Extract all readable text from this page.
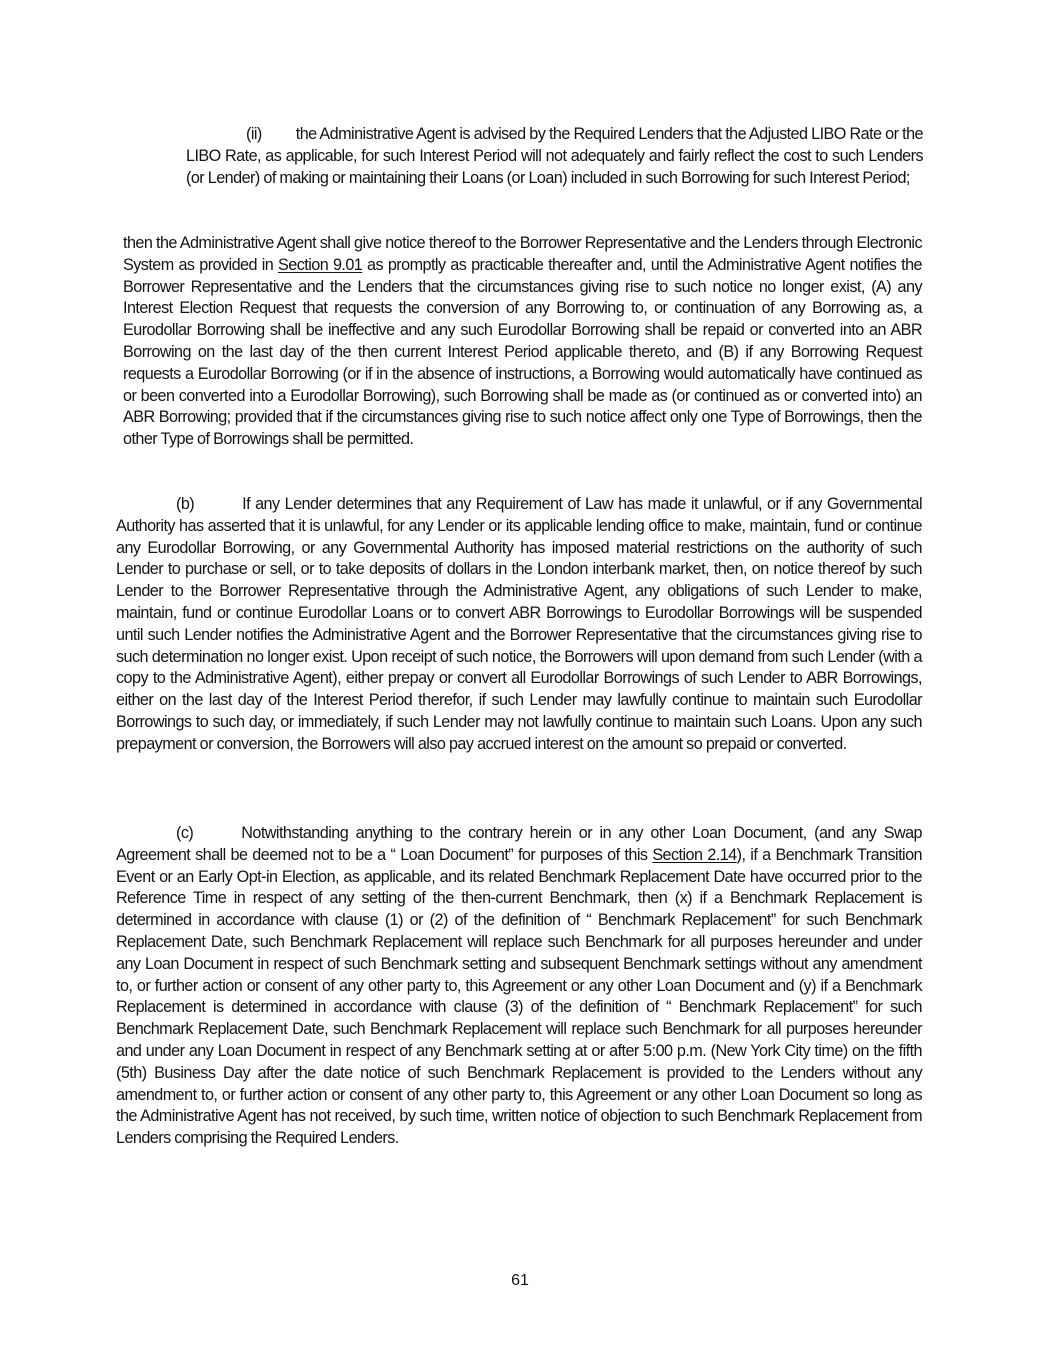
(ii) the Administrative Agent is advised by the Required Lenders that the Adjusted LIBO Rate or the LIBO Rate, as applicable, for such Interest Period will not adequately and fairly reflect the cost to such Lenders (or Lender) of making or maintaining their Loans (or Loan) included in such Borrowing for such Interest Period;

then the Administrative Agent shall give notice thereof to the Borrower Representative and the Lenders through Electronic System as provided in Section 9.01 as promptly as practicable thereafter and, until the Administrative Agent notifies the Borrower Representative and the Lenders that the circumstances giving rise to such notice no longer exist, (A) any Interest Election Request that requests the conversion of any Borrowing to, or continuation of any Borrowing as, a Eurodollar Borrowing shall be ineffective and any such Eurodollar Borrowing shall be repaid or converted into an ABR Borrowing on the last day of the then current Interest Period applicable thereto, and (B) if any Borrowing Request requests a Eurodollar Borrowing (or if in the absence of instructions, a Borrowing would automatically have continued as or been converted into a Eurodollar Borrowing), such Borrowing shall be made as (or continued as or converted into) an ABR Borrowing; provided that if the circumstances giving rise to such notice affect only one Type of Borrowings, then the other Type of Borrowings shall be permitted.

(b)	If any Lender determines that any Requirement of Law has made it unlawful, or if any Governmental Authority has asserted that it is unlawful, for any Lender or its applicable lending office to make, maintain, fund or continue any Eurodollar Borrowing, or any Governmental Authority has imposed material restrictions on the authority of such Lender to purchase or sell, or to take deposits of dollars in the London interbank market, then, on notice thereof by such Lender to the Borrower Representative through the Administrative Agent, any obligations of such Lender to make, maintain, fund or continue Eurodollar Loans or to convert ABR Borrowings to Eurodollar Borrowings will be suspended until such Lender notifies the Administrative Agent and the Borrower Representative that the circumstances giving rise to such determination no longer exist. Upon receipt of such notice, the Borrowers will upon demand from such Lender (with a copy to the Administrative Agent), either prepay or convert all Eurodollar Borrowings of such Lender to ABR Borrowings, either on the last day of the Interest Period therefor, if such Lender may lawfully continue to maintain such Eurodollar Borrowings to such day, or immediately, if such Lender may not lawfully continue to maintain such Loans. Upon any such prepayment or conversion, the Borrowers will also pay accrued interest on the amount so prepaid or converted.

(c)	Notwithstanding anything to the contrary herein or in any other Loan Document, (and any Swap Agreement shall be deemed not to be a “ Loan Document” for purposes of this Section 2.14), if a Benchmark Transition Event or an Early Opt-in Election, as applicable, and its related Benchmark Replacement Date have occurred prior to the Reference Time in respect of any setting of the then-current Benchmark, then (x) if a Benchmark Replacement is determined in accordance with clause (1) or (2) of the definition of “ Benchmark Replacement” for such Benchmark Replacement Date, such Benchmark Replacement will replace such Benchmark for all purposes hereunder and under any Loan Document in respect of such Benchmark setting and subsequent Benchmark settings without any amendment to, or further action or consent of any other party to, this Agreement or any other Loan Document and (y) if a Benchmark Replacement is determined in accordance with clause (3) of the definition of “ Benchmark Replacement” for such Benchmark Replacement Date, such Benchmark Replacement will replace such Benchmark for all purposes hereunder and under any Loan Document in respect of any Benchmark setting at or after 5:00 p.m. (New York City time) on the fifth (5th) Business Day after the date notice of such Benchmark Replacement is provided to the Lenders without any amendment to, or further action or consent of any other party to, this Agreement or any other Loan Document so long as the Administrative Agent has not received, by such time, written notice of objection to such Benchmark Replacement from Lenders comprising the Required Lenders.

61
